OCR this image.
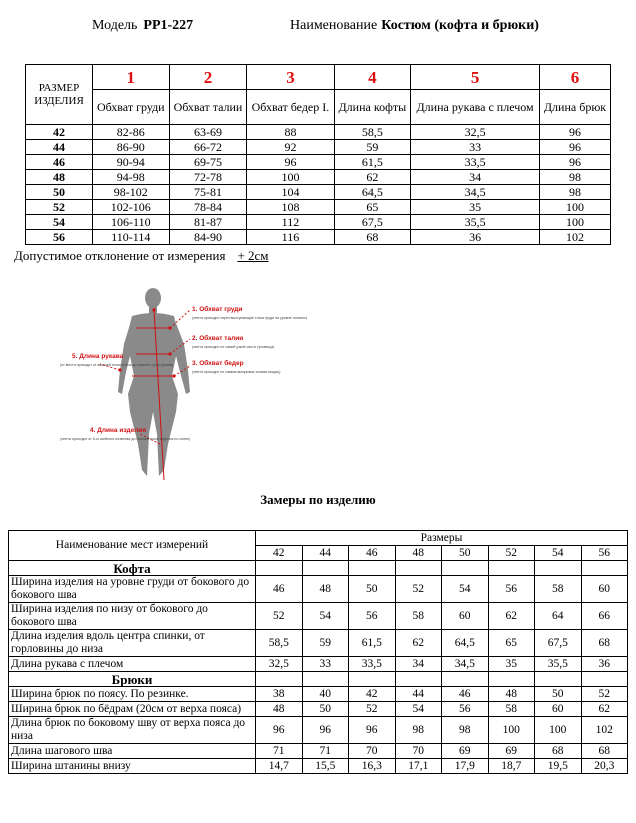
Модель РР1-227	Наименование Костюм (кофта и брюки)
РАЗМЕР ИЗДЕЛИЯ	1	2	3	4	5	6
	Обхват груди	Обхват талии	Обхват бедер I.	Длина кофты	Длина рукава с плечом	Длина брюк
42	82-86	63-69	88	58,5	32,5	96
44	86-90	66-72	92	59	33	96
46	90-94	69-75	96	61,5	33,5	96
48	94-98	72-78	100	62	34	98
50	98-102	75-81	104	64,5	34,5	98
52	102-106	78-84	108	65	35	100
54	106-110	81-87	112	67,5	35,5	100
56	110-114	84-90	116	68	36	102
Допустимое отклонение от измерения + 2см
1. Обхват груди
(лента проходит через выступающие точки груди на уровне лопаток)
2. Обхват талии
(лента проходит по самой узкой части туловища)
3. Обхват бедер
(лента проходит по самым выпуклым точкам ягодиц)
5. Длина рукава
(от места проходит от высшей точки плеча до нижнего края рукава)
4. Длина изделия
(лента проходит от 6-го шейного позвонка до нижней точки изделия по спине)
Замеры по изделию
Наименование мест измерений	Размеры							
	42	44	46	48	50	52	54	56
Кофта								
Ширина изделия на уровне груди от бокового до бокового шва	46	48	50	52	54	56	58	60
Ширина изделия по низу от бокового до бокового шва	52	54	56	58	60	62	64	66
Длина изделия вдоль центра спинки, от горловины до низа	58,5	59	61,5	62	64,5	65	67,5	68
Длина рукава с плечом	32,5	33	33,5	34	34,5	35	35,5	36
Брюки								
Ширина брюк по поясу. По резинке.	38	40	42	44	46	48	50	52
Ширина брюк по бёдрам (20см от верха пояса)	48	50	52	54	56	58	60	62
Длина брюк по боковому шву от верха пояса до низа	96	96	96	98	98	100	100	102
Длина шагового шва	71	71	70	70	69	69	68	68
Ширина штанины внизу	14,7	15,5	16,3	17,1	17,9	18,7	19,5	20,3
